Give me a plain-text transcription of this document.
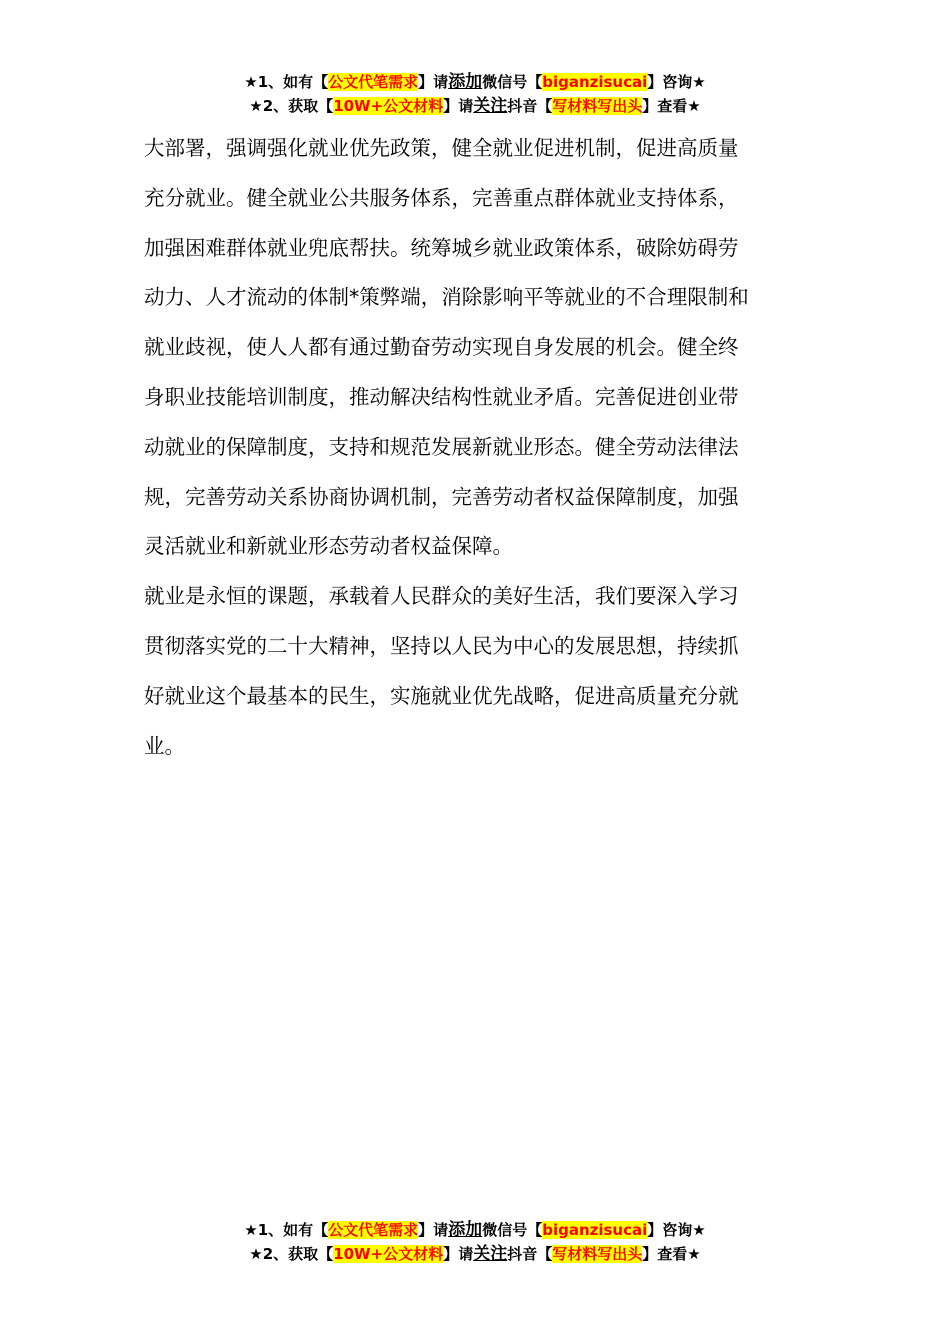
★1、如有【公文代笔需求】请添加微信号【biganzisucai】咨询★
★2、获取【10W+公文材料】请关注抖音【写材料写出头】查看★
大部署，强调强化就业优先政策，健全就业促进机制，促进高质量
充分就业。健全就业公共服务体系，完善重点群体就业支持体系，
加强困难群体就业兜底帮扶。统筹城乡就业政策体系，破除妨碍劳
动力、人才流动的体制*策弊端，消除影响平等就业的不合理限制和
就业歧视，使人人都有通过勤奋劳动实现自身发展的机会。健全终
身职业技能培训制度，推动解决结构性就业矛盾。完善促进创业带
动就业的保障制度，支持和规范发展新就业形态。健全劳动法律法
规，完善劳动关系协商协调机制，完善劳动者权益保障制度，加强
灵活就业和新就业形态劳动者权益保障。
就业是永恒的课题，承载着人民群众的美好生活，我们要深入学习
贯彻落实党的二十大精神，坚持以人民为中心的发展思想，持续抓
好就业这个最基本的民生，实施就业优先战略，促进高质量充分就
业。
★1、如有【公文代笔需求】请添加微信号【biganzisucai】咨询★
★2、获取【10W+公文材料】请关注抖音【写材料写出头】查看★
